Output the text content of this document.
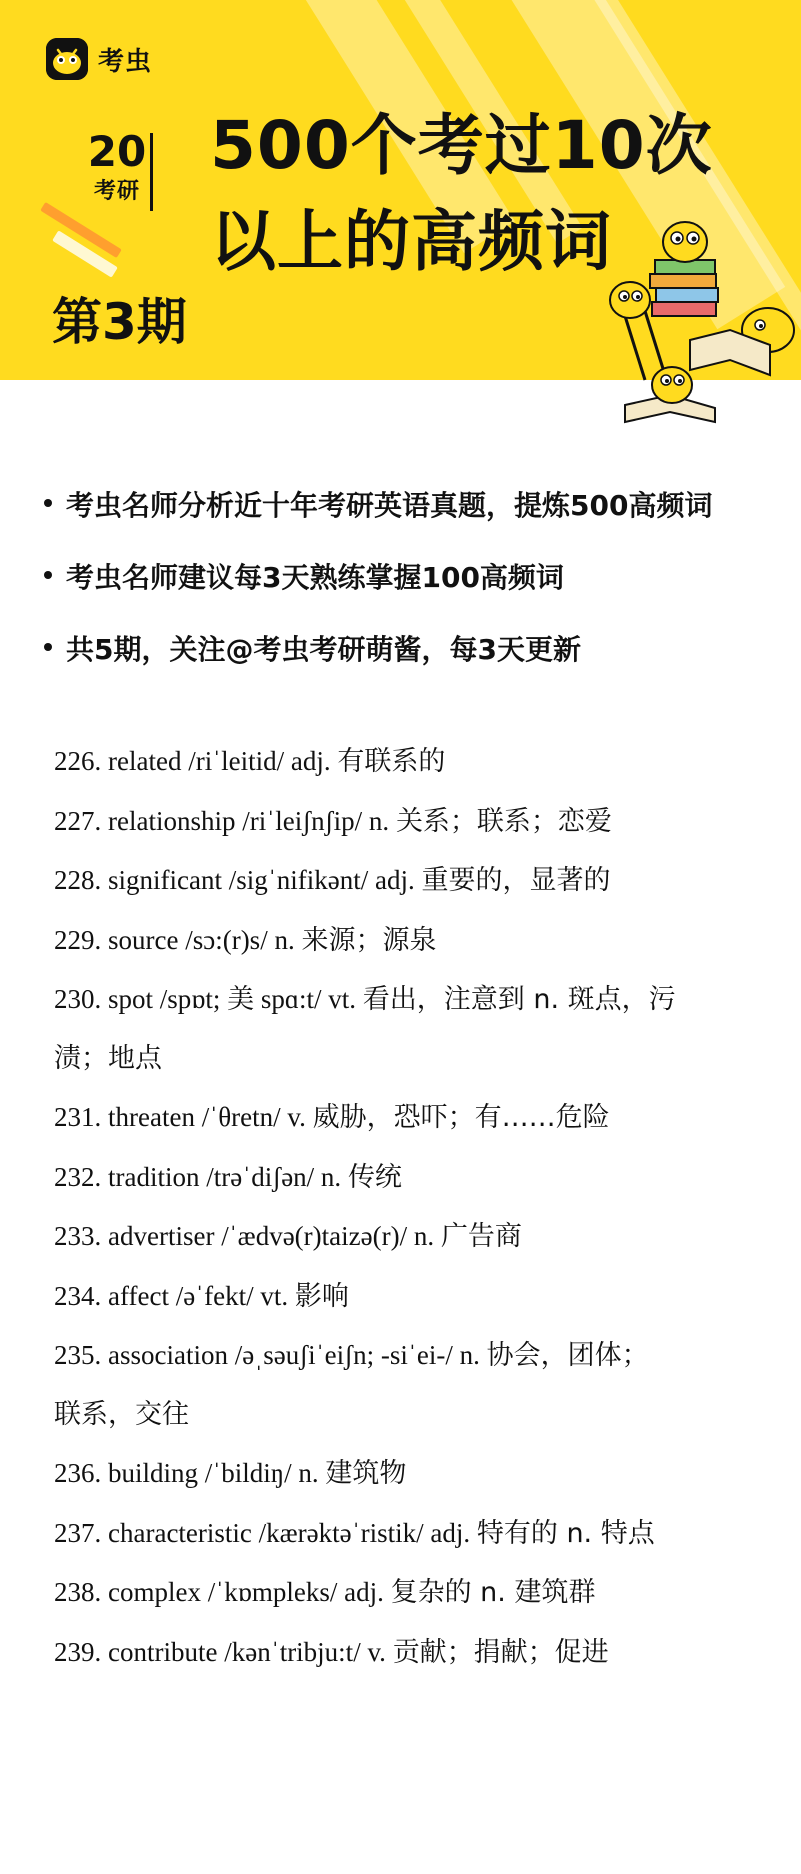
考虫
20
考研
500个考过10次
以上的高频词
第3期
考虫名师分析近十年考研英语真题，提炼500高频词
考虫名师建议每3天熟练掌握100高频词
共5期，关注@考虫考研萌酱，每3天更新
226. related /riˈleitid/ adj. 有联系的
227. relationship /riˈleiʃnʃip/ n. 关系；联系；恋爱
228. significant /sigˈnifikənt/ adj. 重要的，显著的
229. source /sɔ:(r)s/ n. 来源；源泉
230. spot /spɒt; 美 spɑ:t/ vt. 看出，注意到 n. 斑点，污
渍；地点
231. threaten /ˈθretn/ v. 威胁，恐吓；有……危险
232. tradition /trəˈdiʃən/ n. 传统
233. advertiser /ˈædvə(r)taizə(r)/ n. 广告商
234. affect /əˈfekt/ vt. 影响
235. association /əˌsəuʃiˈeiʃn; -siˈei-/ n. 协会，团体；
联系，交往
236. building /ˈbildiŋ/ n. 建筑物
237. characteristic /kærəktəˈristik/ adj. 特有的 n. 特点
238. complex /ˈkɒmpleks/ adj. 复杂的 n. 建筑群
239. contribute /kənˈtribju:t/ v. 贡献；捐献；促进
